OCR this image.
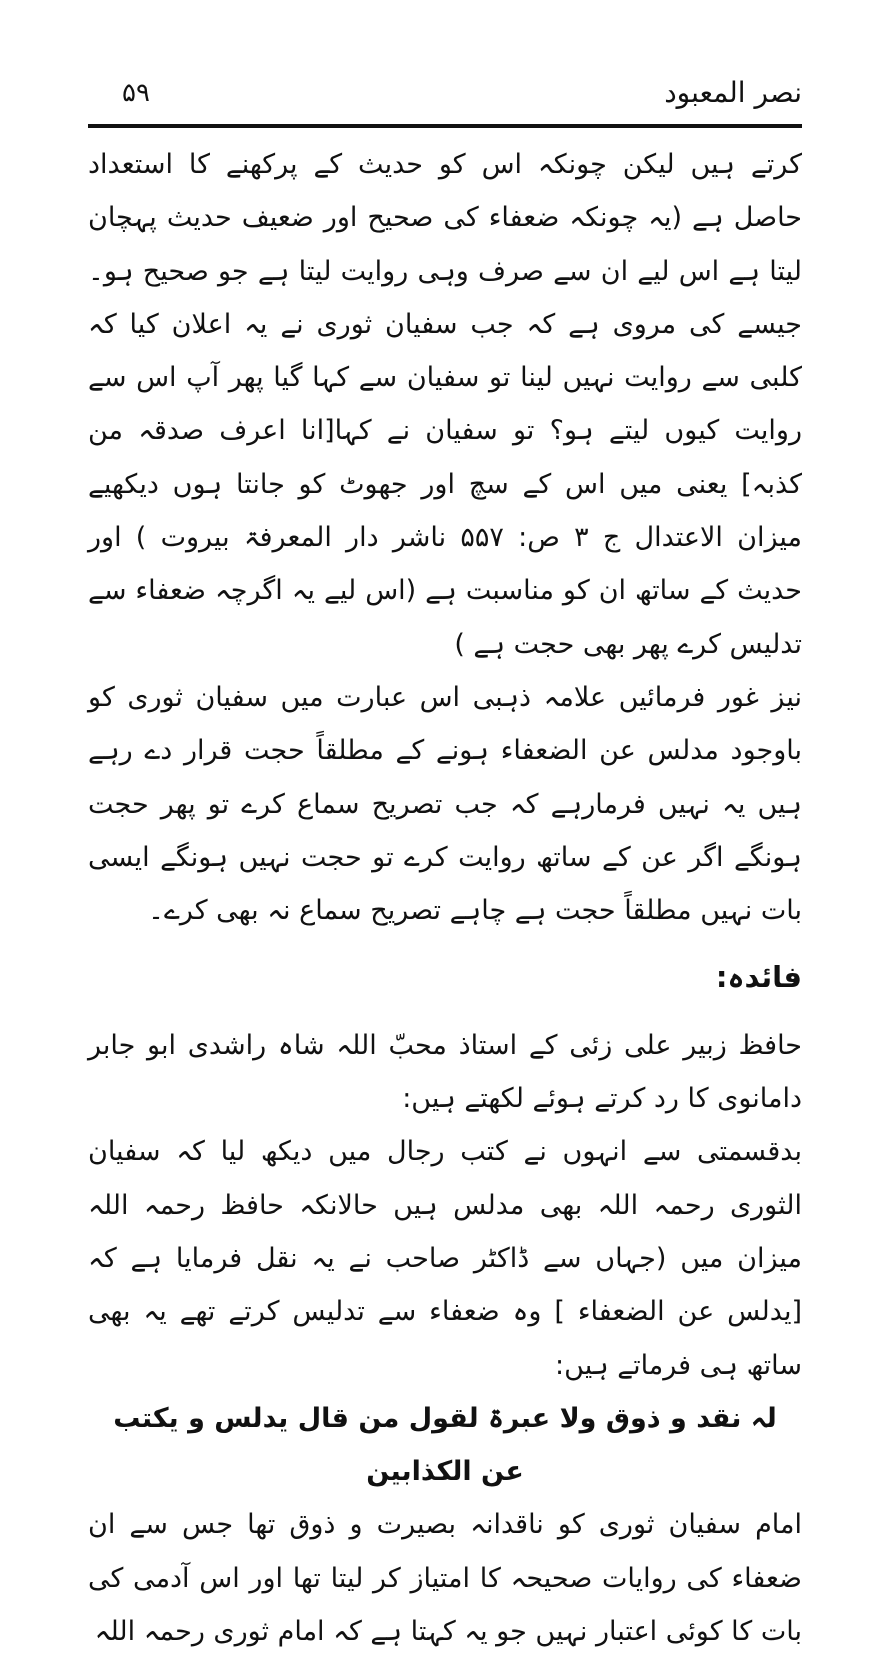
۵۹	نصر المعبود

کرتے ہیں لیکن چونکہ اس کو حدیث کے پرکھنے کا استعداد حاصل ہے (یہ چونکہ ضعفاء کی صحیح اور ضعیف حدیث پہچان لیتا ہے اس لیے ان سے صرف وہی روایت لیتا ہے جو صحیح ہو۔ جیسے کی مروی ہے کہ جب سفیان ثوری نے یہ اعلان کیا کہ کلبی سے روایت نہیں لینا تو سفیان سے کہا گیا پھر آپ اس سے روایت کیوں لیتے ہو؟ تو سفیان نے کہا[انا اعرف صدقہ من کذبہ] یعنی میں اس کے سچ اور جھوٹ کو جانتا ہوں دیکھیے میزان الاعتدال ج ۳ ص: ۵۵۷ ناشر دار المعرفۃ بیروت ) اور حدیث کے ساتھ ان کو مناسبت ہے (اس لیے یہ اگرچہ ضعفاء سے تدلیس کرے پھر بھی حجت ہے )

نیز غور فرمائیں علامہ ذہبی اس عبارت میں سفیان ثوری کو باوجود مدلس عن الضعفاء ہونے کے مطلقاً حجت قرار دے رہے ہیں یہ نہیں فرمارہے کہ جب تصریح سماع کرے تو پھر حجت ہونگے اگر عن کے ساتھ روایت کرے تو حجت نہیں ہونگے ایسی بات نہیں مطلقاً حجت ہے چاہے تصریح سماع نہ بھی کرے۔

فائدہ:

حافظ زبیر علی زئی کے استاذ محبّ اللہ شاہ راشدی ابو جابر دامانوی کا رد کرتے ہوئے لکھتے ہیں:

بدقسمتی سے انہوں نے کتب رجال میں دیکھ لیا کہ سفیان الثوری رحمہ اللہ بھی مدلس ہیں حالانکہ حافظ رحمہ اللہ میزان میں (جہاں سے ڈاکٹر صاحب نے یہ نقل فرمایا ہے کہ [یدلس عن الضعفاء ] وہ ضعفاء سے تدلیس کرتے تھے یہ بھی ساتھ ہی فرماتے ہیں:

لہ نقد و ذوق ولا عبرۃ لقول من قال یدلس و یکتب عن الکذابین

امام سفیان ثوری کو ناقدانہ بصیرت و ذوق تھا جس سے ان ضعفاء کی روایات صحیحہ کا امتیاز کر لیتا تھا اور اس آدمی کی بات کا کوئی اعتبار نہیں جو یہ کہتا ہے کہ امام ثوری رحمہ اللہ
